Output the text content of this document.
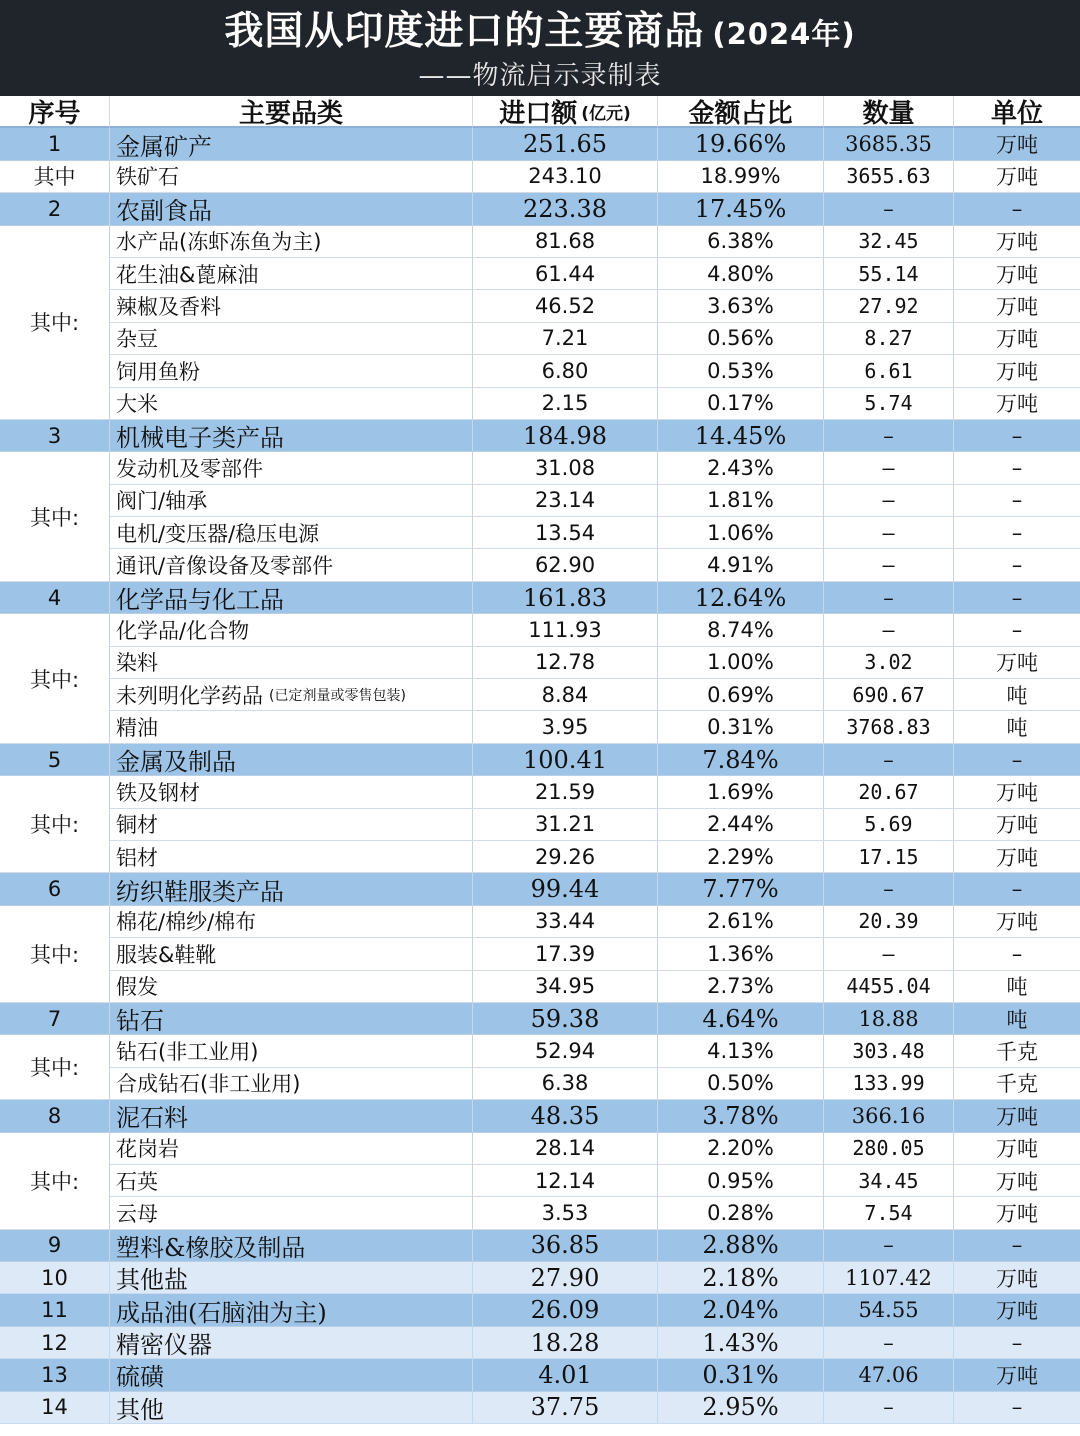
我国从印度进口的主要商品 (2024年)
——物流启示录制表
序号	主要品类	进口额 (亿元)	金额占比	数量	单位
1	金属矿产	251.65	19.66%	3685.35	万吨
其中	铁矿石	243.10	18.99%	3655.63	万吨
2	农副食品	223.38	17.45%	–	–
其中:
水产品(冻虾冻鱼为主)	81.68	6.38%	32.45	万吨
花生油&蓖麻油	61.44	4.80%	55.14	万吨
辣椒及香料	46.52	3.63%	27.92	万吨
杂豆	7.21	0.56%	8.27	万吨
饲用鱼粉	6.80	0.53%	6.61	万吨
大米	2.15	0.17%	5.74	万吨
3	机械电子类产品	184.98	14.45%	–	–
其中:
发动机及零部件	31.08	2.43%	–	–
阀门/轴承	23.14	1.81%	–	–
电机/变压器/稳压电源	13.54	1.06%	–	–
通讯/音像设备及零部件	62.90	4.91%	–	–
4	化学品与化工品	161.83	12.64%	–	–
其中:
化学品/化合物	111.93	8.74%	–	–
染料	12.78	1.00%	3.02	万吨
未列明化学药品 (已定剂量或零售包装)	8.84	0.69%	690.67	吨
精油	3.95	0.31%	3768.83	吨
5	金属及制品	100.41	7.84%	–	–
其中:
铁及钢材	21.59	1.69%	20.67	万吨
铜材	31.21	2.44%	5.69	万吨
铝材	29.26	2.29%	17.15	万吨
6	纺织鞋服类产品	99.44	7.77%	–	–
其中:
棉花/棉纱/棉布	33.44	2.61%	20.39	万吨
服装&鞋靴	17.39	1.36%	–	–
假发	34.95	2.73%	4455.04	吨
7	钻石	59.38	4.64%	18.88	吨
其中:
钻石(非工业用)	52.94	4.13%	303.48	千克
合成钻石(非工业用)	6.38	0.50%	133.99	千克
8	泥石料	48.35	3.78%	366.16	万吨
其中:
花岗岩	28.14	2.20%	280.05	万吨
石英	12.14	0.95%	34.45	万吨
云母	3.53	0.28%	7.54	万吨
9	塑料&橡胶及制品	36.85	2.88%	–	–
10	其他盐	27.90	2.18%	1107.42	万吨
11	成品油(石脑油为主)	26.09	2.04%	54.55	万吨
12	精密仪器	18.28	1.43%	–	–
13	硫磺	4.01	0.31%	47.06	万吨
14	其他	37.75	2.95%	–	–
